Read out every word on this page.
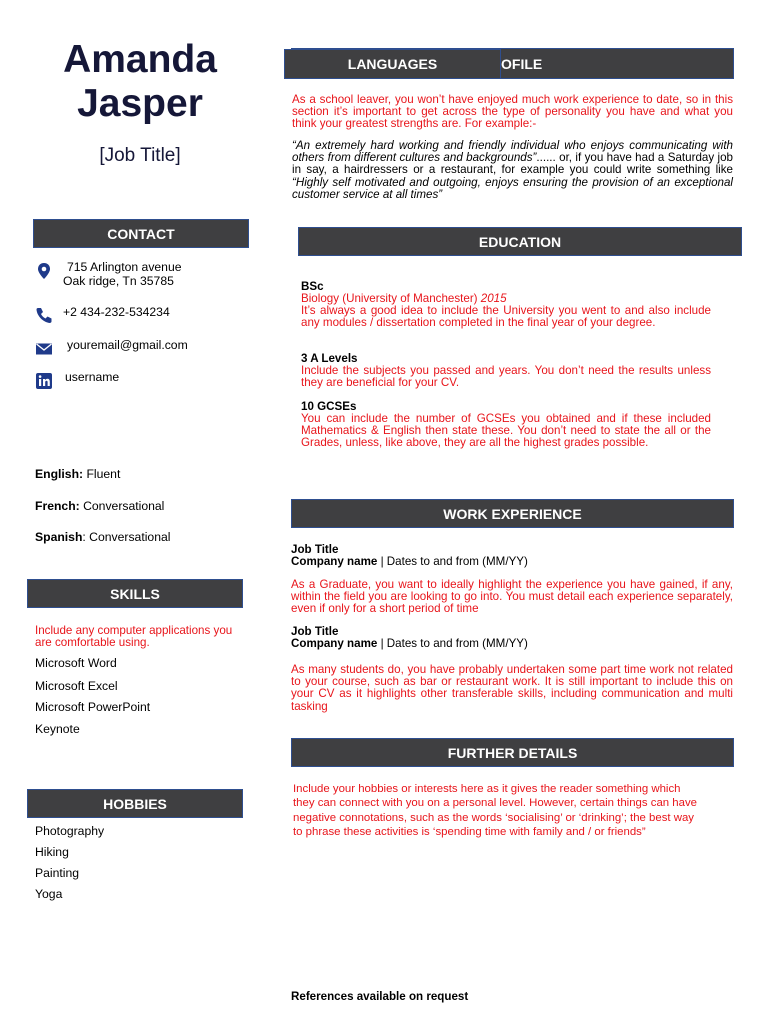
Amanda
Jasper
[Job Title]
OFILE
LANGUAGES
As a school leaver, you won’t have enjoyed much work experience to date, so in this section it’s important to get across the type of personality you have and what you think your greatest strengths are. For example:-
“An extremely hard working and friendly individual who enjoys communicating with others from different cultures and backgrounds”...... or, if you have had a Saturday job in say, a hairdressers or a restaurant, for example you could write something like “Highly self motivated and outgoing, enjoys ensuring the provision of an exceptional customer service at all times”
CONTACT
715 Arlington avenue
Oak ridge, Tn 35785
+2 434-232-534234
youremail@gmail.com
username
English: Fluent
French: Conversational
Spanish: Conversational
SKILLS
Include any computer applications you are comfortable using.
Microsoft Word
Microsoft Excel
Microsoft PowerPoint
Keynote
HOBBIES
Photography
Hiking
Painting
Yoga
EDUCATION
BSc
Biology (University of Manchester) 2015
It’s always a good idea to include the University you went to and also include any modules / dissertation completed in the final year of your degree.
3 A Levels
Include the subjects you passed and years. You don’t need the results unless they are beneficial for your CV.
10 GCSEs
You can include the number of GCSEs you obtained and if these included Mathematics & English then state these. You don’t need to state the all or the Grades, unless, like above, they are all the highest grades possible.
WORK EXPERIENCE
Job Title
Company name | Dates to and from (MM/YY)
As a Graduate, you want to ideally highlight the experience you have gained, if any, within the field you are looking to go into. You must detail each experience separately, even if only for a short period of time
Job Title
Company name | Dates to and from (MM/YY)
As many students do, you have probably undertaken some part time work not related to your course, such as bar or restaurant work. It is still important to include this on your CV as it highlights other transferable skills, including communication and multi tasking
FURTHER DETAILS
Include your hobbies or interests here as it gives the reader something which
they can connect with you on a personal level. However, certain things can have
negative connotations, such as the words ‘socialising’ or ‘drinking’; the best way
to phrase these activities is ‘spending time with family and / or friends”
References available on request
